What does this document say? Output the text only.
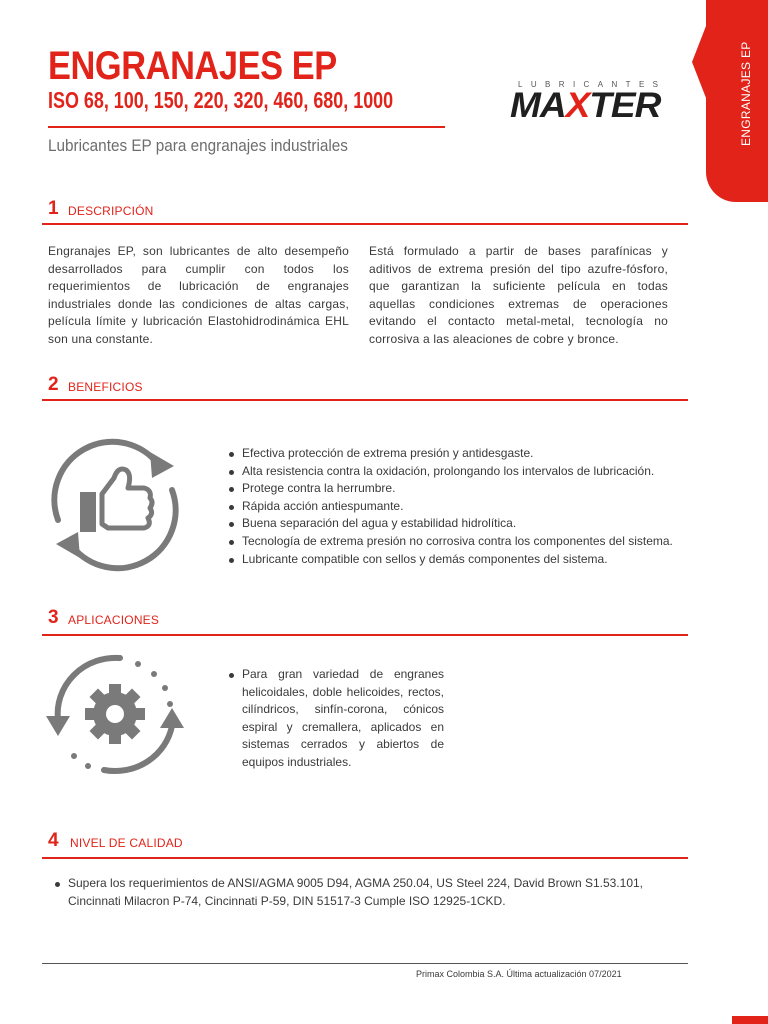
ENGRANAJES EP
ISO 68, 100, 150, 220, 320, 460, 680, 1000
Lubricantes EP para engranajes industriales
LUBRICANTES
MAXTER	ENGRANAJES EP
1 DESCRIPCIÓN
Engranajes EP, son lubricantes de alto desempeño desarrollados para cumplir con todos los requerimientos de lubricación de engranajes industriales donde las condiciones de altas cargas, película límite y lubricación Elastohidrodinámica EHL son una constante.
Está formulado a partir de bases parafínicas y aditivos de extrema presión del tipo azufre-fósforo, que garantizan la suficiente película en todas aquellas condiciones extremas de operaciones evitando el contacto metal-metal, tecnología no corrosiva a las aleaciones de cobre y bronce.
2 BENEFICIOS
Efectiva protección de extrema presión y antidesgaste.
Alta resistencia contra la oxidación, prolongando los intervalos de lubricación.
Protege contra la herrumbre.
Rápida acción antiespumante.
Buena separación del agua y estabilidad hidrolítica.
Tecnología de extrema presión no corrosiva contra los componentes del sistema.
Lubricante compatible con sellos y demás componentes del sistema.
3 APLICACIONES
Para gran variedad de engranes helicoidales, doble helicoides, rectos, cilíndricos, sinfín-corona, cónicos espiral y cremallera, aplicados en sistemas cerrados y abiertos de equipos industriales.
4 NIVEL DE CALIDAD
Supera los requerimientos de ANSI/AGMA 9005 D94, AGMA 250.04, US Steel 224, David Brown S1.53.101, Cincinnati Milacron P-74, Cincinnati P-59, DIN 51517-3 Cumple ISO 12925-1CKD.
Primax Colombia S.A. Última actualización 07/2021
